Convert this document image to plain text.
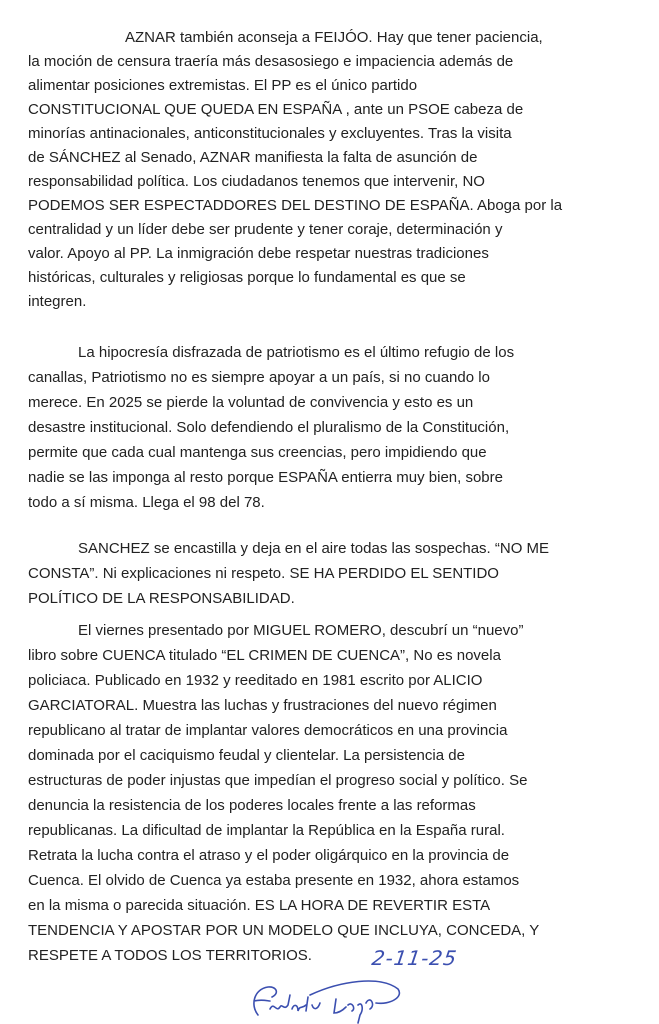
AZNAR también aconseja a FEIJÓO. Hay que tener paciencia,
la moción de censura traería más desasosiego e impaciencia además de
alimentar posiciones extremistas. El PP es el único partido
CONSTITUCIONAL QUE QUEDA EN ESPAÑA , ante un PSOE cabeza de
minorías antinacionales, anticonstitucionales y excluyentes. Tras la visita
de SÁNCHEZ al Senado, AZNAR manifiesta la falta de asunción de
responsabilidad política. Los ciudadanos tenemos que intervenir, NO
PODEMOS SER ESPECTADDORES DEL DESTINO DE ESPAÑA. Aboga por la
centralidad y un líder debe ser prudente y tener coraje, determinación y
valor. Apoyo al PP. La inmigración debe respetar nuestras tradiciones
históricas, culturales y religiosas porque lo fundamental es que se
integren.
La hipocresía disfrazada de patriotismo es el último refugio de los
canallas, Patriotismo no es siempre apoyar a un país, si no cuando lo
merece. En 2025 se pierde la voluntad de convivencia y esto es un
desastre institucional. Solo defendiendo el pluralismo de la Constitución,
permite que cada cual mantenga sus creencias, pero impidiendo que
nadie se las imponga al resto porque ESPAÑA entierra muy bien, sobre
todo a sí misma. Llega el 98 del 78.
SANCHEZ se encastilla y deja en el aire todas las sospechas. “NO ME
CONSTA”. Ni explicaciones ni respeto. SE HA PERDIDO EL SENTIDO
POLÍTICO DE LA RESPONSABILIDAD.
El viernes presentado por MIGUEL ROMERO, descubrí un “nuevo”
libro sobre CUENCA titulado “EL CRIMEN DE CUENCA”, No es novela
policiaca. Publicado en 1932 y reeditado en 1981 escrito por ALICIO
GARCIATORAL. Muestra las luchas y frustraciones del nuevo régimen
republicano al tratar de implantar valores democráticos en una provincia
dominada por el caciquismo feudal y clientelar. La persistencia de
estructuras de poder injustas que impedían el progreso social y político. Se
denuncia la resistencia de los poderes locales frente a las reformas
republicanas. La dificultad de implantar la República en la España rural.
Retrata la lucha contra el atraso y el poder oligárquico en la provincia de
Cuenca. El olvido de Cuenca ya estaba presente en 1932, ahora estamos
en la misma o parecida situación. ES LA HORA DE REVERTIR ESTA
TENDENCIA Y APOSTAR POR UN MODELO QUE INCLUYA, CONCEDA, Y
RESPETE A TODOS LOS TERRITORIOS.	2-11-25
